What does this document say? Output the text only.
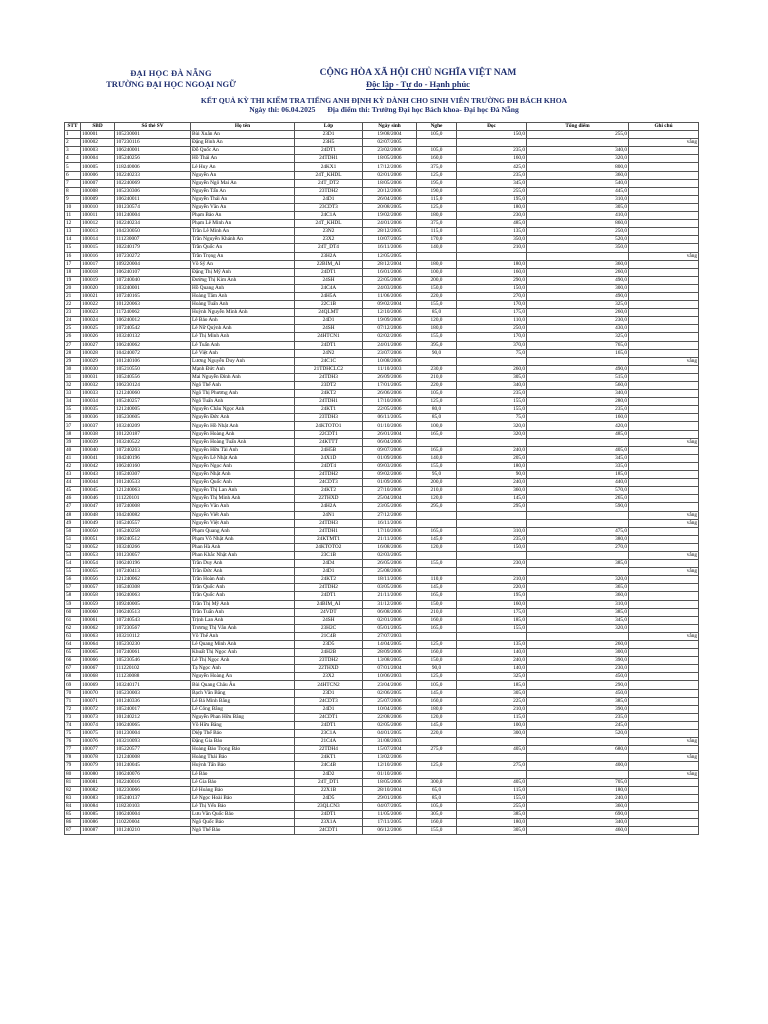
ĐẠI HỌC ĐÀ NẴNG
TRƯỜNG ĐẠI HỌC NGOẠI NGỮ
CỘNG HÒA XÃ HỘI CHỦ NGHĨA VIỆT NAM
Độc lập - Tự do - Hạnh phúc
KẾT QUẢ KỲ THI KIỂM TRA TIẾNG ANH ĐỊNH KỲ DÀNH CHO SINH VIÊN TRƯỜNG ĐH BÁCH KHOA
Ngày thi: 06.04.2025 Địa điểm thi: Trường Đại học Bách khoa- Đại học Đà Nẵng
STT	SBD	Số thẻ SV	Họ tên	Lớp	Ngày sinh	Nghe	Đọc	Tổng điểm	Ghi chú
1	100001	105230001	Bùi Xuân An	23D1	19/08/2004	105,0	150,0	255,0	
2	100002	107230116	Đặng Bình An	23H5	02/07/2005				vắng
3	100003	106240001	Đỗ Quốc An	24DT1	23/02/2006	105,0	235,0	340,0	
4	100004	105240256	Hồ Thái An	24TDH1	18/05/2006	160,0	160,0	320,0	
5	100005	118240006	Lê Huy An	24KX1	17/12/2006	375,0	425,0	800,0	
6	100006	102240233	Nguyễn An	24T_KHDL	02/01/2006	125,0	235,0	360,0	
7	100007	102240069	Nguyễn Ngô Mai An	24T_DT2	18/05/2006	195,0	345,0	540,0	
8	100008	105230306	Nguyễn Tấn An	23TDH2	20/12/2006	190,0	255,0	445,0	
9	100009	106240011	Nguyễn Thái An	24D1	26/04/2006	115,0	195,0	310,0	
10	100010	101230574	Nguyễn Văn An	23CDT3	20/08/2005	125,0	180,0	305,0	
11	100011	101240004	Phạm Bảo An	24C1A	19/02/2006	180,0	230,0	410,0	
12	100012	102240234	Phạm Lê Minh An	24T_KHDL	24/01/2006	375,0	485,0	860,0	
13	100013	104230050	Trần Lê Minh An	23N2	28/12/2005	115,0	135,0	250,0	
14	100014	111230007	Trần Nguyễn Khánh An	23X2	10/07/2005	170,0	350,0	520,0	
15	100015	102240179	Trần Quốc An	24T_DT4	16/11/2006	140,0	210,0	350,0	
16	100016	107230272	Trần Trọng An	23H2A	12/05/2005				vắng
17	100017	109220004	Võ Sỹ An	22BIM_AI	28/12/2004	180,0	180,0	360,0	
18	100018	106240107	Đặng Thị Mỹ Anh	24DT1	16/01/2006	100,0	160,0	260,0	
19	100019	107240040	Đường Thị Kim Anh	24SH	22/05/2006	200,0	290,0	490,0	
20	100020	103240001	Hồ Quang Anh	24C4A	24/03/2006	150,0	150,0	300,0	
21	100021	107240165	Hoàng Tâm Anh	24H5A	11/06/2006	220,0	270,0	490,0	
22	100022	101220063	Hoàng Tuấn Anh	22C1B	09/02/2004	155,0	170,0	325,0	
23	100023	117240062	Huỳnh Nguyễn Minh Anh	24QLMT	12/10/2006	85,0	175,0	260,0	
24	100024	106240012	Lê Bảo Anh	24D1	19/09/2006	120,0	110,0	230,0	
25	100025	107240542	Lê Nữ Quỳnh Anh	24SH	07/12/2006	180,0	250,0	430,0	
26	100026	103240132	Lê Thị Minh Anh	24HTCN1	02/02/2006	155,0	170,0	325,0	
27	100027	106240062	Lê Tuấn Anh	24DT1	24/01/2006	395,0	370,0	765,0	
28	100028	104240072	Lê Việt Anh	24N2	23/07/2006	90,0	75,0	165,0	
29	100029	101240106	Lương Nguyễn Duy Anh	24C1C	10/08/2006				vắng
30	100030	105210550	Mạnh Đức Anh	21TDHCLC2	11/10/2003	230,0	260,0	490,0	
31	100031	105240556	Mai Nguyễn Đình Anh	24TDH3	26/09/2006	210,0	305,0	515,0	
32	100032	106230124	Ngô Thế Anh	23DT2	17/01/2005	220,0	340,0	560,0	
33	100033	121240060	Ngô Thị Phương Anh	24KT2	26/06/2006	105,0	235,0	340,0	
34	100034	105240257	Ngô Tuấn Anh	24TDH1	17/10/2006	125,0	155,0	280,0	
35	100035	121240005	Nguyễn Châu Ngọc Anh	24KT1	22/05/2006	80,0	155,0	235,0	
36	100036	105230605	Nguyễn Đức Anh	23TDH3	06/11/2005	85,0	75,0	160,0	
37	100037	103240209	Nguyễn Hồ Nhật Anh	24KTOTO1	01/10/2006	100,0	320,0	420,0	
38	100038	101220187	Nguyễn Hoàng Anh	22CDT1	26/01/2004	165,0	320,0	485,0	
39	100039	103240522	Nguyễn Hoàng Tuấn Anh	24KTTT	06/04/2006				vắng
40	100040	107240203	Nguyễn Hữu Tài Anh	24H5B	09/07/2006	165,0	240,0	405,0	
41	100041	104240196	Nguyễn Lê Nhật Anh	24X1D	01/09/2006	140,0	205,0	345,0	
42	100042	106240160	Nguyễn Ngọc Anh	24DT4	09/03/2006	155,0	180,0	335,0	
43	100043	105240307	Nguyễn Nhật Anh	24TDH2	09/02/2006	95,0	90,0	185,0	
44	100044	101240533	Nguyễn Quốc Anh	24CDT3	01/09/2006	200,0	240,0	440,0	
45	100045	121240063	Nguyễn Thị Lan Anh	24KT2	27/10/2006	210,0	360,0	570,0	
46	100046	111220101	Nguyễn Thị Minh Anh	22THXD	25/04/2004	120,0	145,0	265,0	
47	100047	107240008	Nguyễn Văn Anh	24H2A	23/05/2006	295,0	295,0	590,0	
48	100048	104240082	Nguyễn Viết Anh	24N1	27/12/2006				vắng
49	100049	105240557	Nguyễn Việt Anh	24TDH3	16/11/2006				vắng
50	100050	105240258	Phạm Quang Anh	24TDH1	17/10/2006	165,0	310,0	475,0	
51	100051	106240512	Phạm Võ Nhật Anh	24KTMT1	21/11/2006	145,0	235,0	380,0	
52	100052	103240266	Phan Hà Anh	24KTOTO2	16/08/2006	120,0	150,0	270,0	
53	100053	101230057	Phan Khắc Nhật Anh	23C1B	02/03/2005				vắng
54	100054	106240196	Trần Duy Anh	24D4	26/05/2006	155,0	230,0	385,0	
55	100055	107240413	Trần Đức Anh	24D1	25/08/2006				vắng
56	100056	121240062	Trần Hoàn Anh	24KT2	18/11/2006	110,0	210,0	320,0	
57	100057	105240308	Trần Quốc Anh	24TDH2	03/05/2006	145,0	220,0	365,0	
58	100058	106240063	Trần Quốc Anh	24DT1	21/11/2006	165,0	195,0	360,0	
59	100059	109240005	Trần Thị Mỹ Anh	24BIM_AI	31/12/2006	150,0	160,0	310,0	
60	100060	106240513	Trần Tuấn Anh	24VDT	06/08/2006	210,0	175,0	385,0	
61	100061	107240543	Trịnh Lan Anh	24SH	02/01/2006	160,0	185,0	345,0	
62	100062	107230567	Trương Thị Vân Anh	23H2C	05/01/2005	165,0	155,0	320,0	
63	100063	103210112	Võ Thế Anh	21C4B	27/07/2003				vắng
64	100064	105230230	Lê Quang Minh Ánh	23D5	14/04/2005	125,0	135,0	260,0	
65	100065	107240061	Khuất Thị Ngọc Ánh	24H2B	28/09/2006	160,0	140,0	300,0	
66	100066	105230546	Lê Thị Ngọc Ánh	23TDH2	13/08/2005	150,0	240,0	390,0	
67	100067	111220102	Tạ Ngọc Ánh	22THXD	07/01/2004	90,0	140,0	230,0	
68	100068	111230088	Nguyễn Hoàng Ân	23X2	10/06/2003	125,0	325,0	450,0	
69	100069	103240171	Bùi Quang Châu Âu	24HTCN2	23/04/2006	105,0	185,0	290,0	
70	100070	105230003	Bạch Văn Băng	23D1	02/06/2005	145,0	305,0	450,0	
71	100071	101240336	Lê Bá Minh Băng	24CDT3	25/07/2006	160,0	225,0	385,0	
72	100072	105240017	Lê Công Băng	24D1	10/04/2006	180,0	210,0	390,0	
73	100073	101240212	Nguyễn Phan Hữu Băng	24CDT1	22/08/2006	120,0	115,0	235,0	
74	100074	106240065	Võ Hữu Băng	24DT1	02/05/2006	145,0	100,0	245,0	
75	100075	101230004	Diệp Thế Bảo	23C1A	04/01/2005	220,0	300,0	520,0	
76	100076	103210093	Đặng Gia Bảo	21C4A	31/08/2003				vắng
77	100077	105220577	Hoàng Đào Trọng Bảo	22TDH4	15/07/2004	275,0	405,0	680,0	
78	100078	121240008	Hoàng Thái Bảo	24KT1	13/02/2006				vắng
79	100079	101240045	Huỳnh Tấn Bảo	24C4B	12/10/2006	125,0	275,0	400,0	
80	100080	106240076	Lê Bảo	24D2	01/10/2006				vắng
81	100081	102240016	Lê Gia Bảo	24T_DT1	18/05/2006	300,0	405,0	705,0	
82	100082	102230066	Lê Hoàng Bảo	22X1B	28/10/2004	65,0	115,0	180,0	
83	100083	105240137	Lê Ngọc Hoài Bảo	24D5	29/01/2006	85,0	155,0	240,0	
84	100084	118230103	Lê Thị Yến Bảo	23QLCN3	04/07/2005	105,0	255,0	360,0	
85	100085	106240004	Lưu Văn Quốc Bảo	24DT1	11/05/2006	305,0	385,0	690,0	
86	100086	110220004	Ngô Quốc Bảo	23X1A	17/11/2005	160,0	180,0	340,0	
87	100087	101240210	Ngô Thế Bảo	24CDT1	06/12/2006	155,0	305,0	460,0	
